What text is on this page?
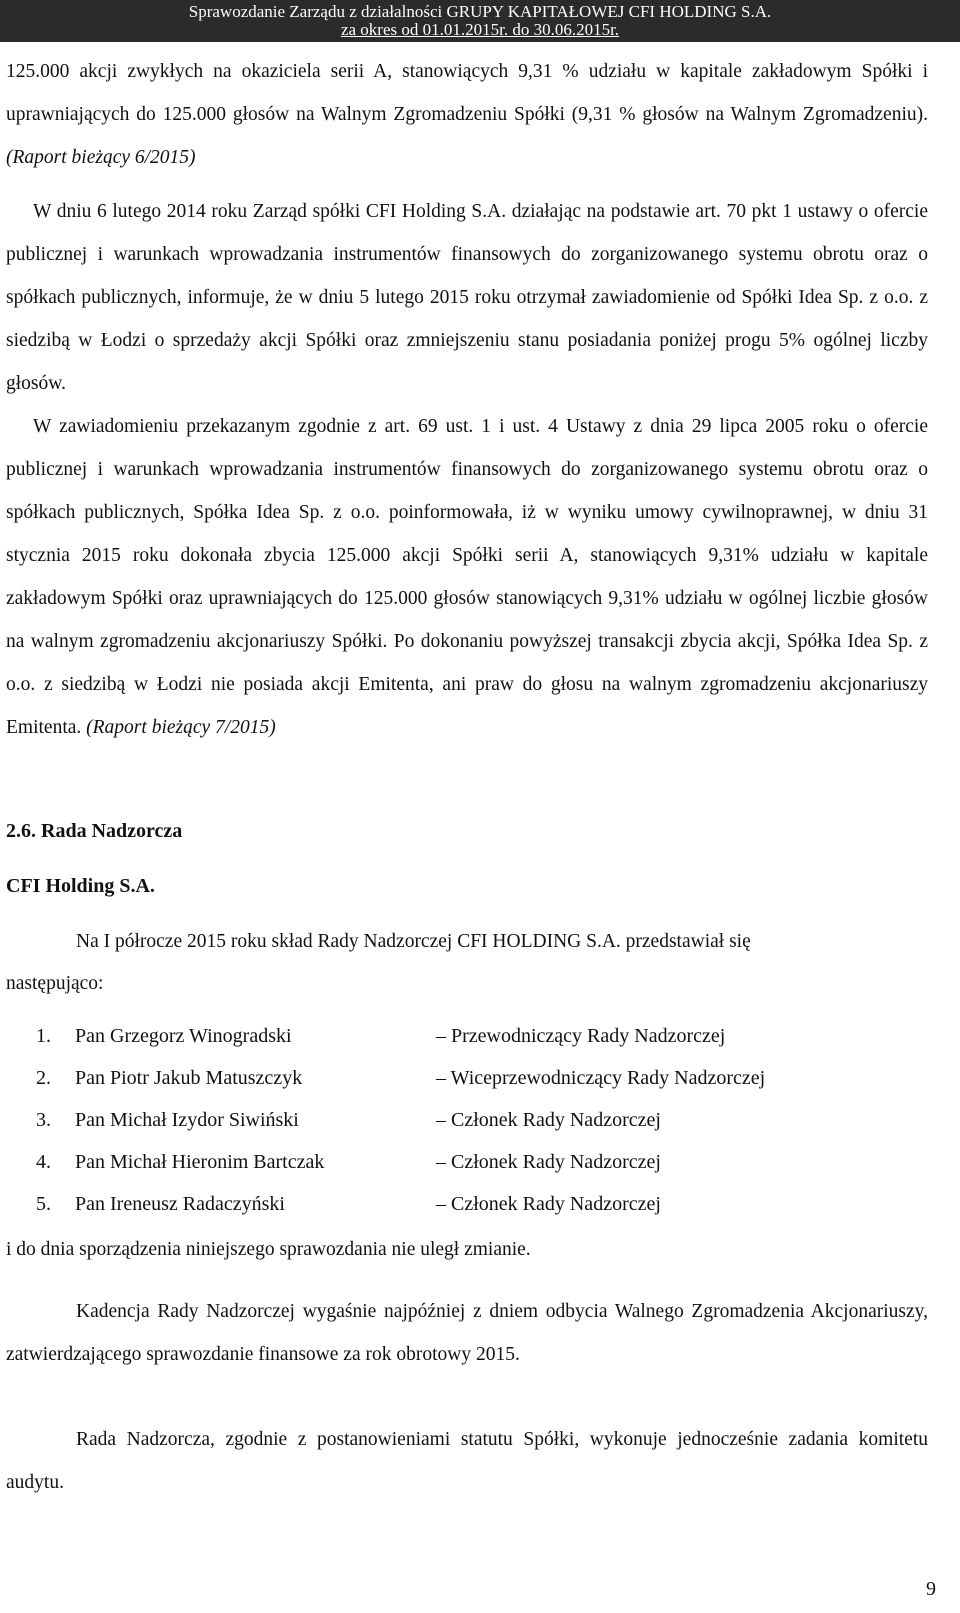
Sprawozdanie Zarządu z działalności GRUPY KAPITAŁOWEJ CFI HOLDING S.A.
za okres od 01.01.2015r. do 30.06.2015r.

125.000 akcji zwykłych na okaziciela serii A, stanowiących 9,31 % udziału w kapitale zakładowym Spółki i uprawniających do 125.000 głosów na Walnym Zgromadzeniu Spółki (9,31 % głosów na Walnym Zgromadzeniu). (Raport bieżący 6/2015)

W dniu 6 lutego 2014 roku Zarząd spółki CFI Holding S.A. działając na podstawie art. 70 pkt 1 ustawy o ofercie publicznej i warunkach wprowadzania instrumentów finansowych do zorganizowanego systemu obrotu oraz o spółkach publicznych, informuje, że w dniu 5 lutego 2015 roku otrzymał zawiadomienie od Spółki Idea Sp. z o.o. z siedzibą w Łodzi o sprzedaży akcji Spółki oraz zmniejszeniu stanu posiadania poniżej progu 5% ogólnej liczby głosów.

W zawiadomieniu przekazanym zgodnie z art. 69 ust. 1 i ust. 4 Ustawy z dnia 29 lipca 2005 roku o ofercie publicznej i warunkach wprowadzania instrumentów finansowych do zorganizowanego systemu obrotu oraz o spółkach publicznych, Spółka Idea Sp. z o.o. poinformowała, iż w wyniku umowy cywilnoprawnej, w dniu 31 stycznia 2015 roku dokonała zbycia 125.000 akcji Spółki serii A, stanowiących 9,31% udziału w kapitale zakładowym Spółki oraz uprawniających do 125.000 głosów stanowiących 9,31% udziału w ogólnej liczbie głosów na walnym zgromadzeniu akcjonariuszy Spółki. Po dokonaniu powyższej transakcji zbycia akcji, Spółka Idea Sp. z o.o. z siedzibą w Łodzi nie posiada akcji Emitenta, ani praw do głosu na walnym zgromadzeniu akcjonariuszy Emitenta. (Raport bieżący 7/2015)

2.6. Rada Nadzorcza
CFI Holding S.A.
Na I półrocze 2015 roku skład Rady Nadzorczej CFI HOLDING S.A. przedstawiał się
następująco:
1.	Pan Grzegorz Winogradski	– Przewodniczący Rady Nadzorczej
2.	Pan Piotr Jakub Matuszczyk	– Wiceprzewodniczący Rady Nadzorczej
3.	Pan Michał Izydor Siwiński	– Członek Rady Nadzorczej
4.	Pan Michał Hieronim Bartczak	– Członek Rady Nadzorczej
5.	Pan Ireneusz Radaczyński	– Członek Rady Nadzorczej
i do dnia sporządzenia niniejszego sprawozdania nie uległ zmianie.

Kadencja Rady Nadzorczej wygaśnie najpóźniej z dniem odbycia Walnego Zgromadzenia Akcjonariuszy, zatwierdzającego sprawozdanie finansowe za rok obrotowy 2015.

Rada Nadzorcza, zgodnie z postanowieniami statutu Spółki, wykonuje jednocześnie zadania komitetu audytu.

9
